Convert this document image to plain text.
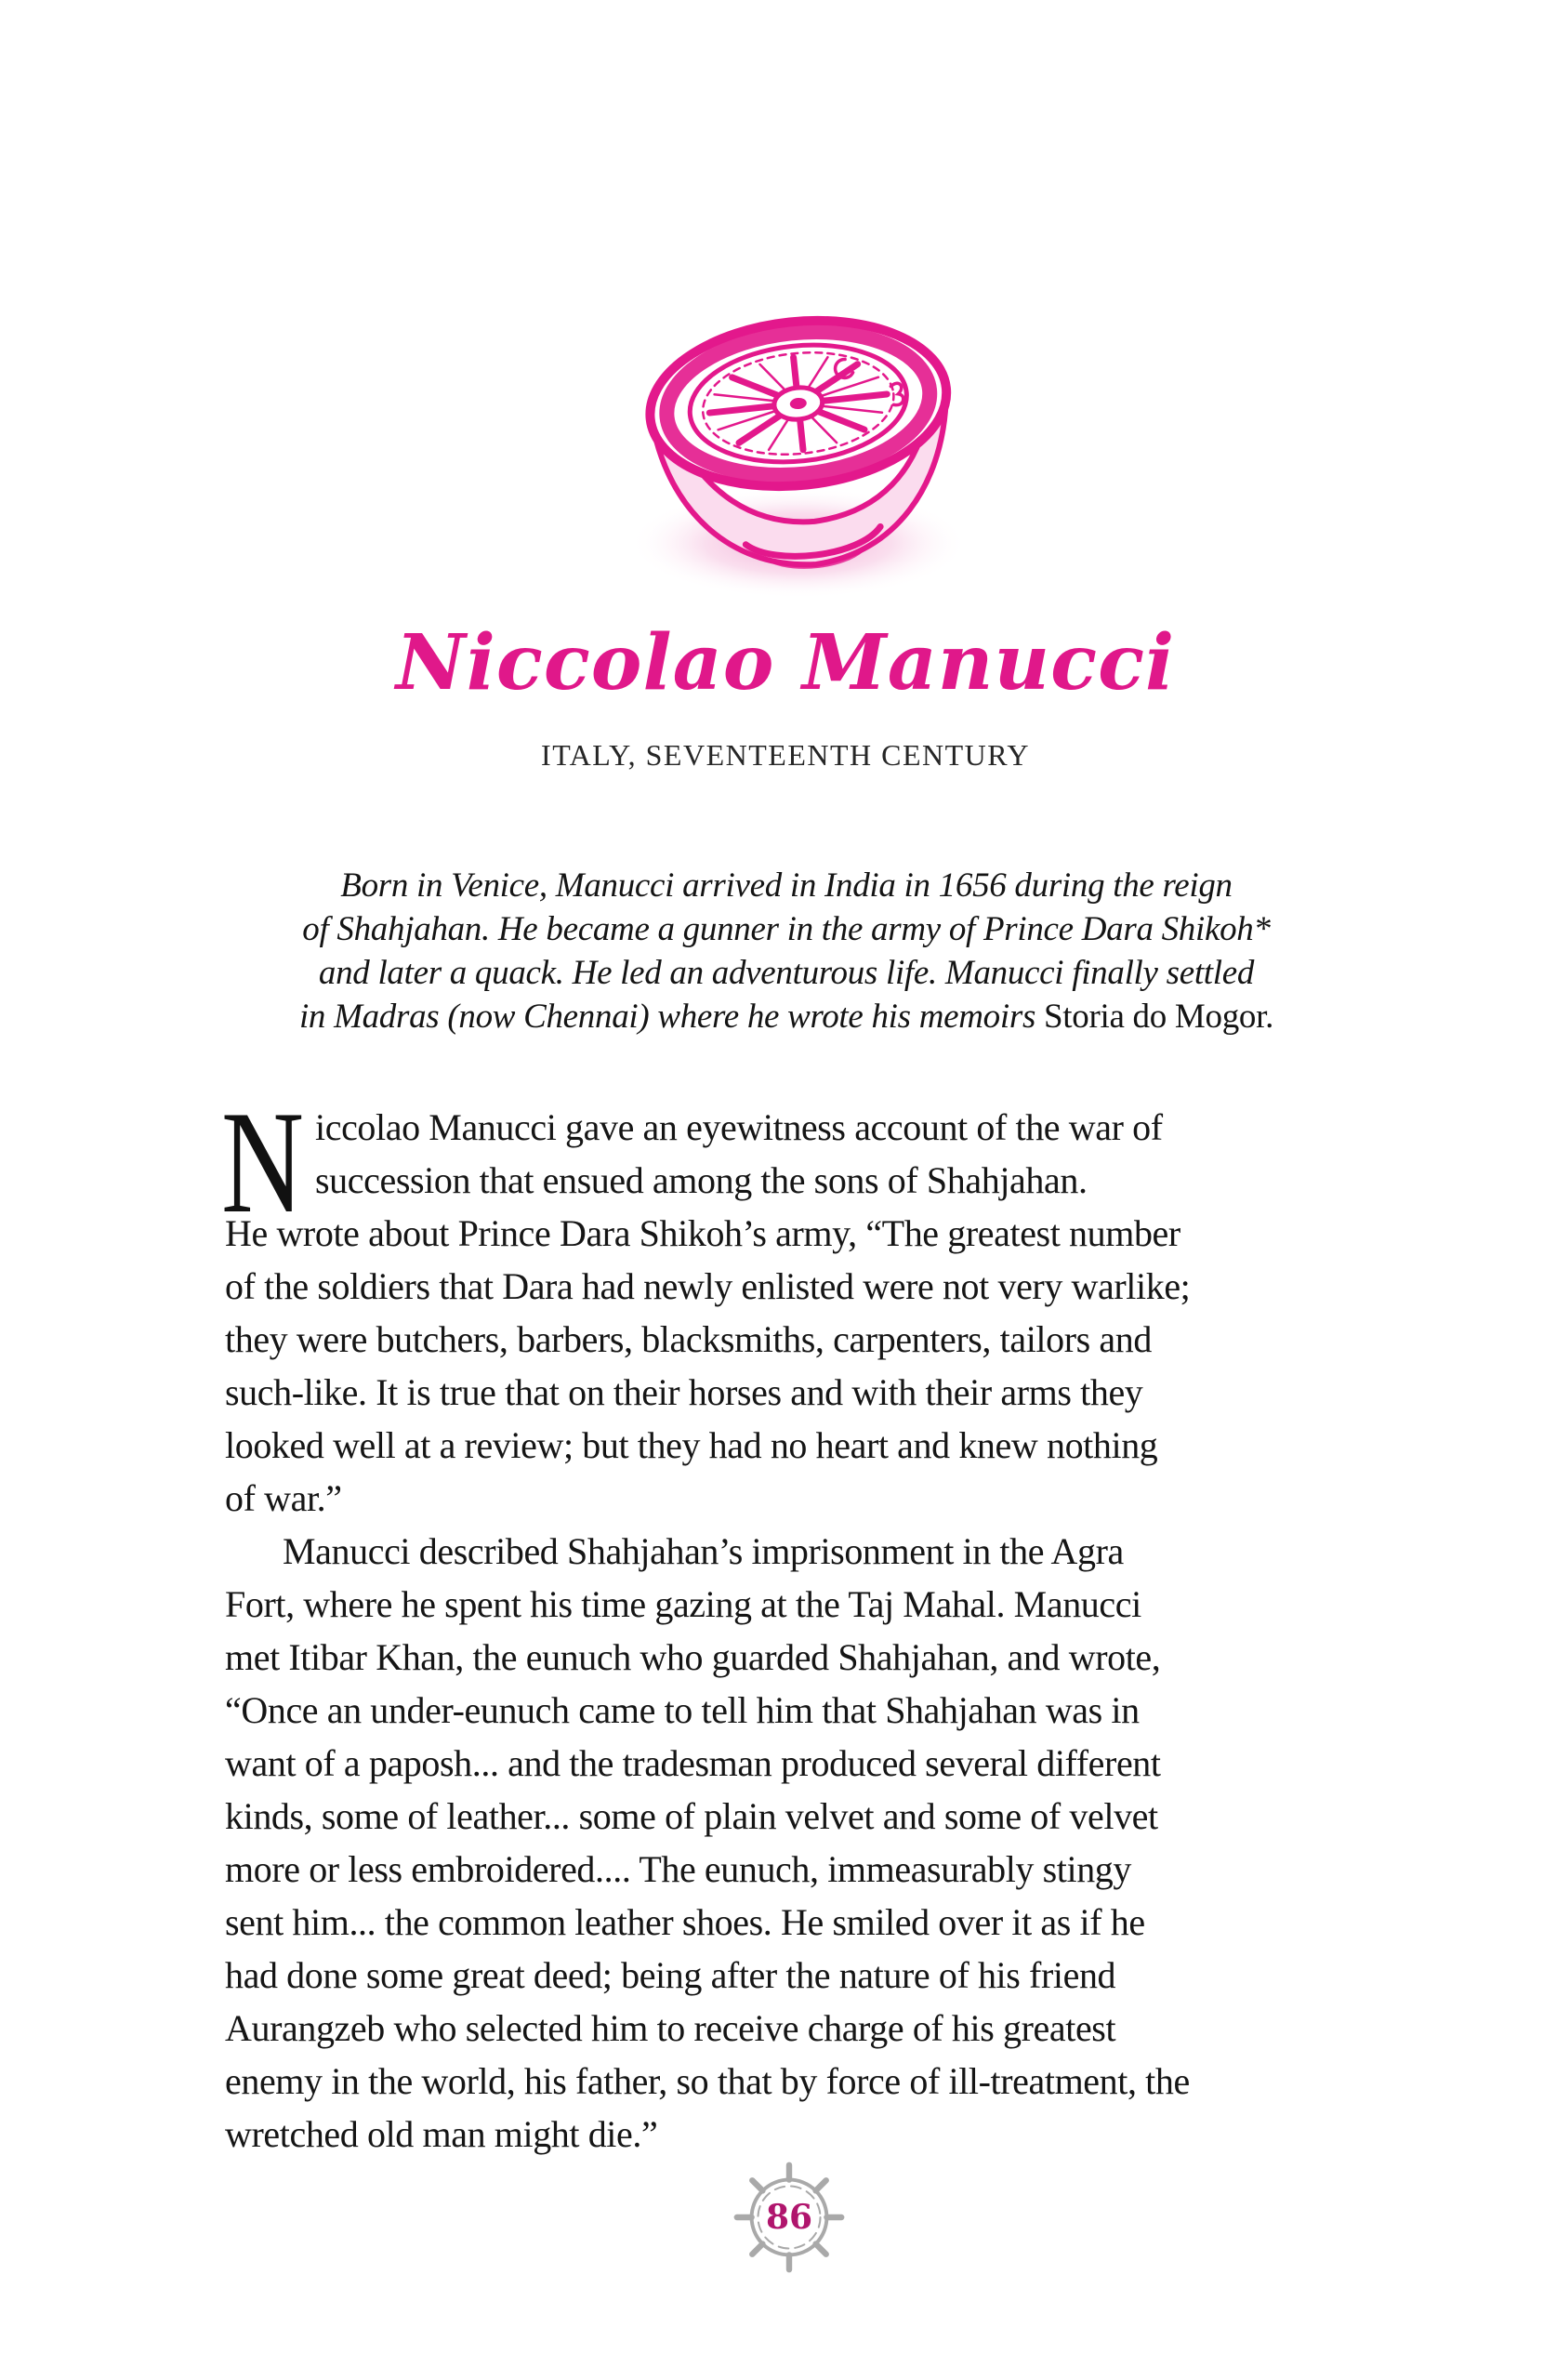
Niccolao Manucci
ITALY, SEVENTEENTH CENTURY
Born in Venice, Manucci arrived in India in 1656 during the reign
of Shahjahan. He became a gunner in the army of Prince Dara Shikoh*
and later a quack. He led an adventurous life. Manucci finally settled
in Madras (now Chennai) where he wrote his memoirs Storia do Mogor.
N iccolao Manucci gave an eyewitness account of the war of
succession that ensued among the sons of Shahjahan.
He wrote about Prince Dara Shikoh’s army, “The greatest number
of the soldiers that Dara had newly enlisted were not very warlike;
they were butchers, barbers, blacksmiths, carpenters, tailors and
such-like. It is true that on their horses and with their arms they
looked well at a review; but they had no heart and knew nothing
of war.”
Manucci described Shahjahan’s imprisonment in the Agra
Fort, where he spent his time gazing at the Taj Mahal. Manucci
met Itibar Khan, the eunuch who guarded Shahjahan, and wrote,
“Once an under-eunuch came to tell him that Shahjahan was in
want of a paposh... and the tradesman produced several different
kinds, some of leather... some of plain velvet and some of velvet
more or less embroidered.... The eunuch, immeasurably stingy
sent him... the common leather shoes. He smiled over it as if he
had done some great deed; being after the nature of his friend
Aurangzeb who selected him to receive charge of his greatest
enemy in the world, his father, so that by force of ill-treatment, the
wretched old man might die.”
86
